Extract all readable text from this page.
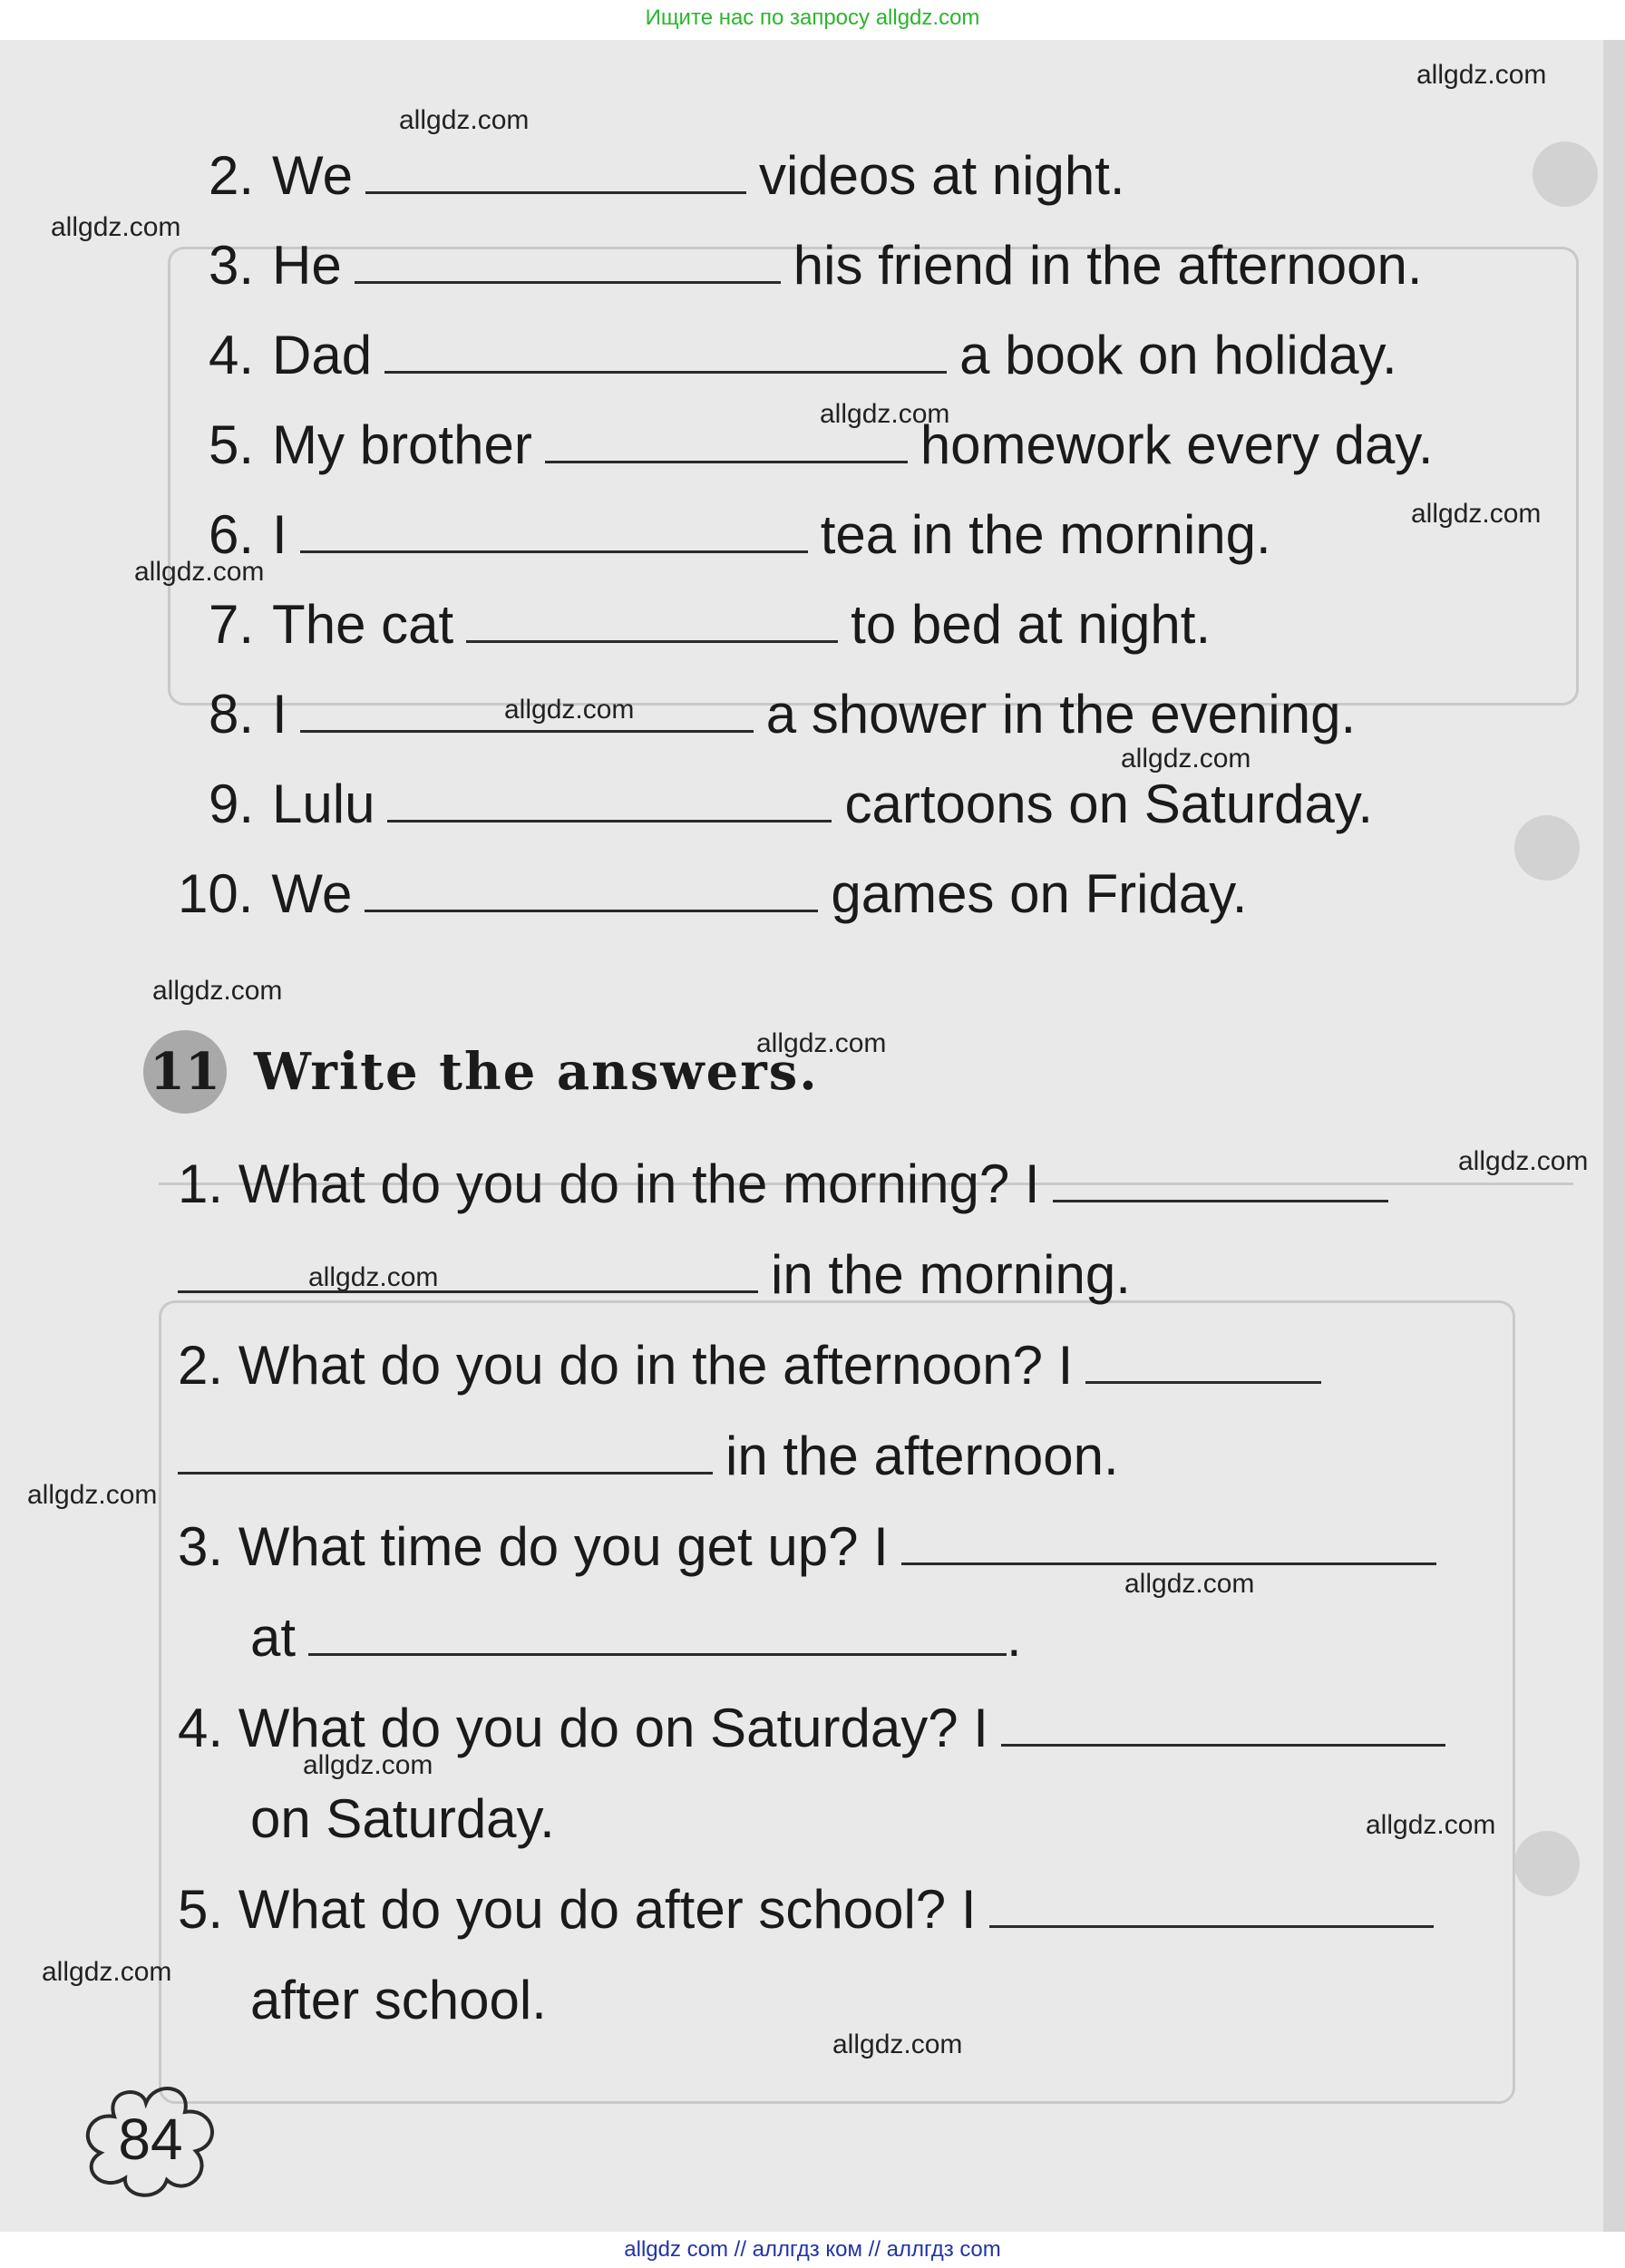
Ищите нас по запросу allgdz.com
2. We	videos at night.
3. He	his friend in the afternoon.
4. Dad	a book on holiday.
5. My brother	homework every day.
6. I	tea in the morning.
7. The cat	to bed at night.
8. I	a shower in the evening.
9. Lulu	cartoons on Saturday.
10. We	games on Friday.
11 Write the answers.
1. What do you do in the morning? I
in the morning.
2. What do you do in the afternoon? I
in the afternoon.
3. What time do you get up? I
at	.
4. What do you do on Saturday? I
on Saturday.
5. What do you do after school? I
after school.
84
allgdz.com
allgdz.com
allgdz.com
allgdz.com
allgdz.com
allgdz.com
allgdz.com
allgdz.com
allgdz.com
allgdz.com
allgdz.com
allgdz.com
allgdz.com
allgdz.com
allgdz.com
allgdz.com
allgdz.com
allgdz.com
allgdz com // аллгдз ком // аллгдз com
